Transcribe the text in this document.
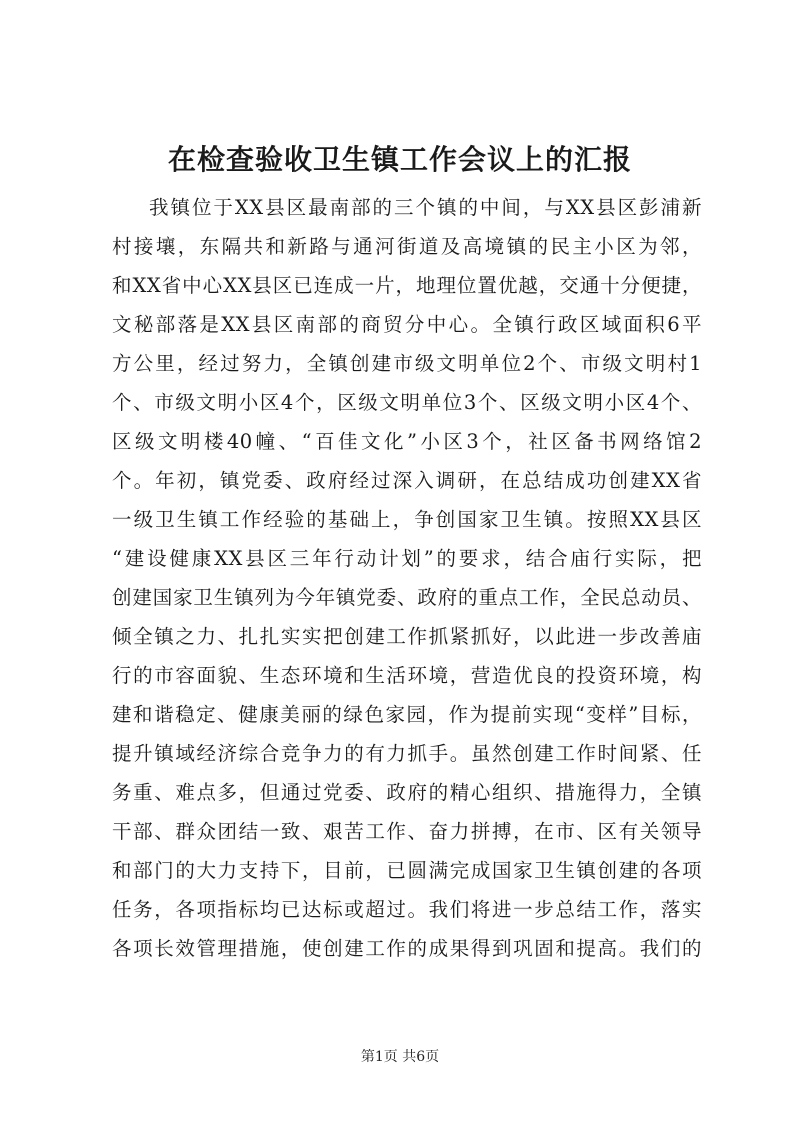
在检查验收卫生镇工作会议上的汇报
我镇位于XX县区最南部的三个镇的中间，与XX县区彭浦新
村接壤，东隔共和新路与通河街道及高境镇的民主小区为邻，
和XX省中心XX县区已连成一片，地理位置优越，交通十分便捷，
文秘部落是XX县区南部的商贸分中心。全镇行政区域面积6平
方公里，经过努力，全镇创建市级文明单位2个、市级文明村1
个、市级文明小区4个，区级文明单位3个、区级文明小区4个、
区级文明楼40幢、“百佳文化”小区3个，社区备书网络馆2
个。年初，镇党委、政府经过深入调研，在总结成功创建XX省
一级卫生镇工作经验的基础上，争创国家卫生镇。按照XX县区
“建设健康XX县区三年行动计划”的要求，结合庙行实际，把
创建国家卫生镇列为今年镇党委、政府的重点工作，全民总动员、
倾全镇之力、扎扎实实把创建工作抓紧抓好，以此进一步改善庙
行的市容面貌、生态环境和生活环境，营造优良的投资环境，构
建和谐稳定、健康美丽的绿色家园，作为提前实现“变样”目标，
提升镇域经济综合竞争力的有力抓手。虽然创建工作时间紧、任
务重、难点多，但通过党委、政府的精心组织、措施得力，全镇
干部、群众团结一致、艰苦工作、奋力拼搏，在市、区有关领导
和部门的大力支持下，目前，已圆满完成国家卫生镇创建的各项
任务，各项指标均已达标或超过。我们将进一步总结工作，落实
各项长效管理措施，使创建工作的成果得到巩固和提高。我们的
第1页 共6页
